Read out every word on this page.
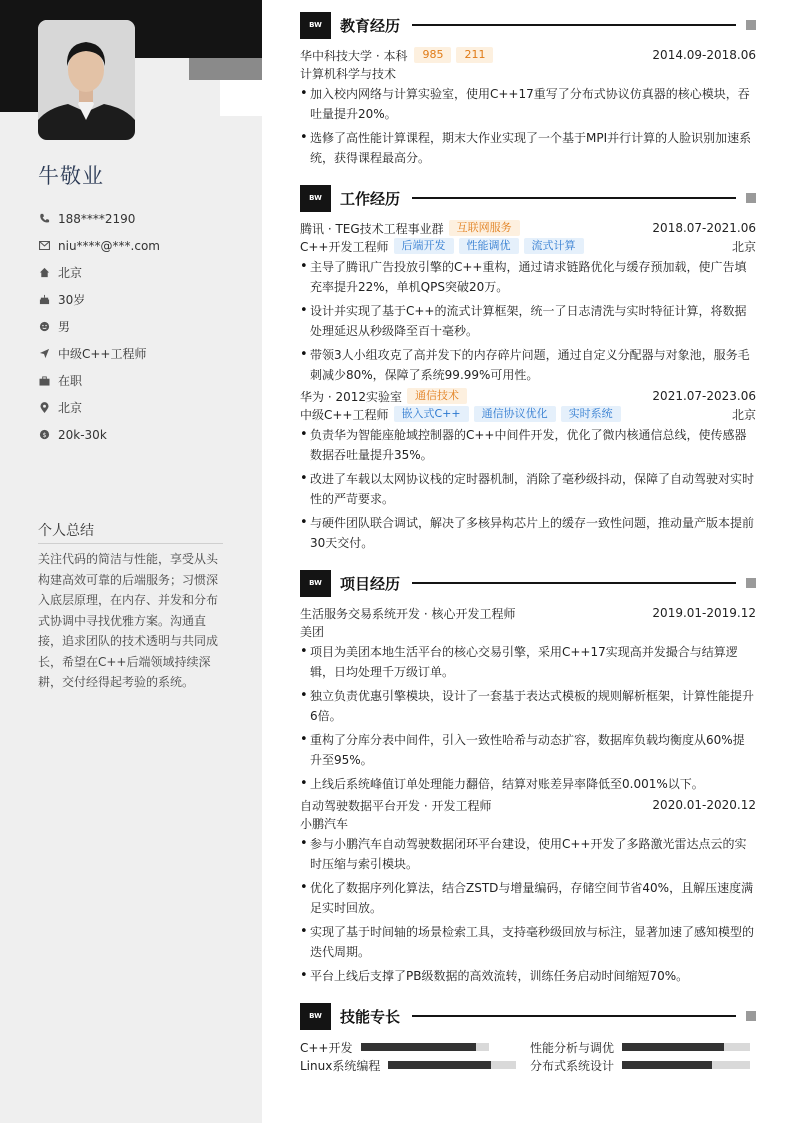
牛敬业
188****2190
niu****@***.com
北京
30岁
男
中级C++工程师
在职
北京
$ 20k-30k
个人总结
关注代码的简洁与性能，享受从头构建高效可靠的后端服务；习惯深入底层原理，在内存、并发和分布式协调中寻找优雅方案。沟通直接，追求团队的技术透明与共同成长，希望在C++后端领域持续深耕，交付经得起考验的系统。
BW	教育经历
华中科技大学 · 本科	985	211	2014.09-2018.06
计算机科学与技术
• 加入校内网络与计算实验室，使用C++17重写了分布式协议仿真器的核心模块，吞吐量提升20%。
• 选修了高性能计算课程，期末大作业实现了一个基于MPI并行计算的人脸识别加速系统，获得课程最高分。
BW	工作经历
腾讯 · TEG技术工程事业群	互联网服务	2018.07-2021.06
C++开发工程师	后端开发	性能调优	流式计算	北京
• 主导了腾讯广告投放引擎的C++重构，通过请求链路优化与缓存预加载，使广告填充率提升22%，单机QPS突破20万。
• 设计并实现了基于C++的流式计算框架，统一了日志清洗与实时特征计算，将数据处理延迟从秒级降至百十毫秒。
• 带领3人小组攻克了高并发下的内存碎片问题，通过自定义分配器与对象池，服务毛刺减少80%，保障了系统99.99%可用性。
华为 · 2012实验室	通信技术	2021.07-2023.06
中级C++工程师	嵌入式C++	通信协议优化	实时系统	北京
• 负责华为智能座舱域控制器的C++中间件开发，优化了微内核通信总线，使传感器数据吞吐量提升35%。
• 改进了车载以太网协议栈的定时器机制，消除了毫秒级抖动，保障了自动驾驶对实时性的严苛要求。
• 与硬件团队联合调试，解决了多核异构芯片上的缓存一致性问题，推动量产版本提前30天交付。
BW	项目经历
生活服务交易系统开发 · 核心开发工程师	2019.01-2019.12
美团
• 项目为美团本地生活平台的核心交易引擎，采用C++17实现高并发撮合与结算逻辑，日均处理千万级订单。
• 独立负责优惠引擎模块，设计了一套基于表达式模板的规则解析框架，计算性能提升6倍。
• 重构了分库分表中间件，引入一致性哈希与动态扩容，数据库负载均衡度从60%提升至95%。
• 上线后系统峰值订单处理能力翻倍，结算对账差异率降低至0.001%以下。
自动驾驶数据平台开发 · 开发工程师	2020.01-2020.12
小鹏汽车
• 参与小鹏汽车自动驾驶数据闭环平台建设，使用C++开发了多路激光雷达点云的实时压缩与索引模块。
• 优化了数据序列化算法，结合ZSTD与增量编码，存储空间节省40%，且解压速度满足实时回放。
• 实现了基于时间轴的场景检索工具，支持毫秒级回放与标注，显著加速了感知模型的迭代周期。
• 平台上线后支撑了PB级数据的高效流转，训练任务启动时间缩短70%。
BW	技能专长
C++开发	性能分析与调优
Linux系统编程	分布式系统设计
